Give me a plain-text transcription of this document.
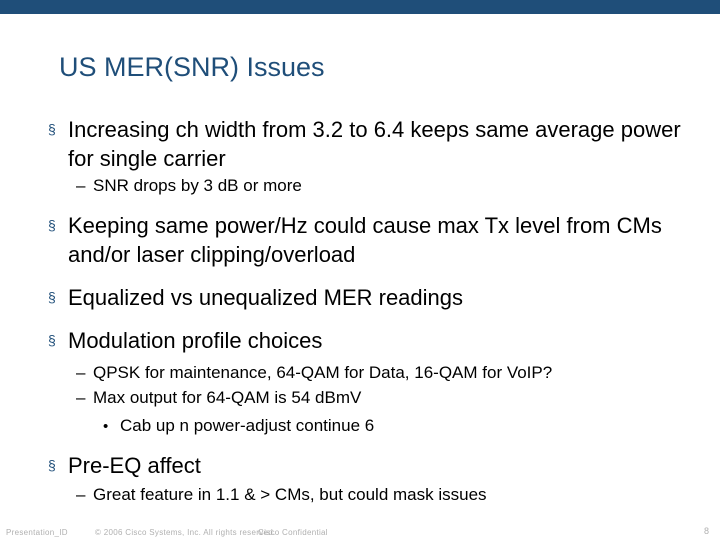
US MER(SNR) Issues
§ Increasing ch width from 3.2 to 6.4 keeps same average power for single carrier
– SNR drops by 3 dB or more
§ Keeping same power/Hz could cause max Tx level from CMs and/or laser clipping/overload
§ Equalized vs unequalized MER readings
§ Modulation profile choices
– QPSK for maintenance, 64-QAM for Data, 16-QAM for VoIP?
– Max output for 64-QAM is 54 dBmV
• Cab up n power-adjust continue 6
§ Pre-EQ affect
– Great feature in 1.1 & > CMs, but could mask issues
Presentation_ID	© 2006 Cisco Systems, Inc. All rights reserved.
Cisco Confidential	8
